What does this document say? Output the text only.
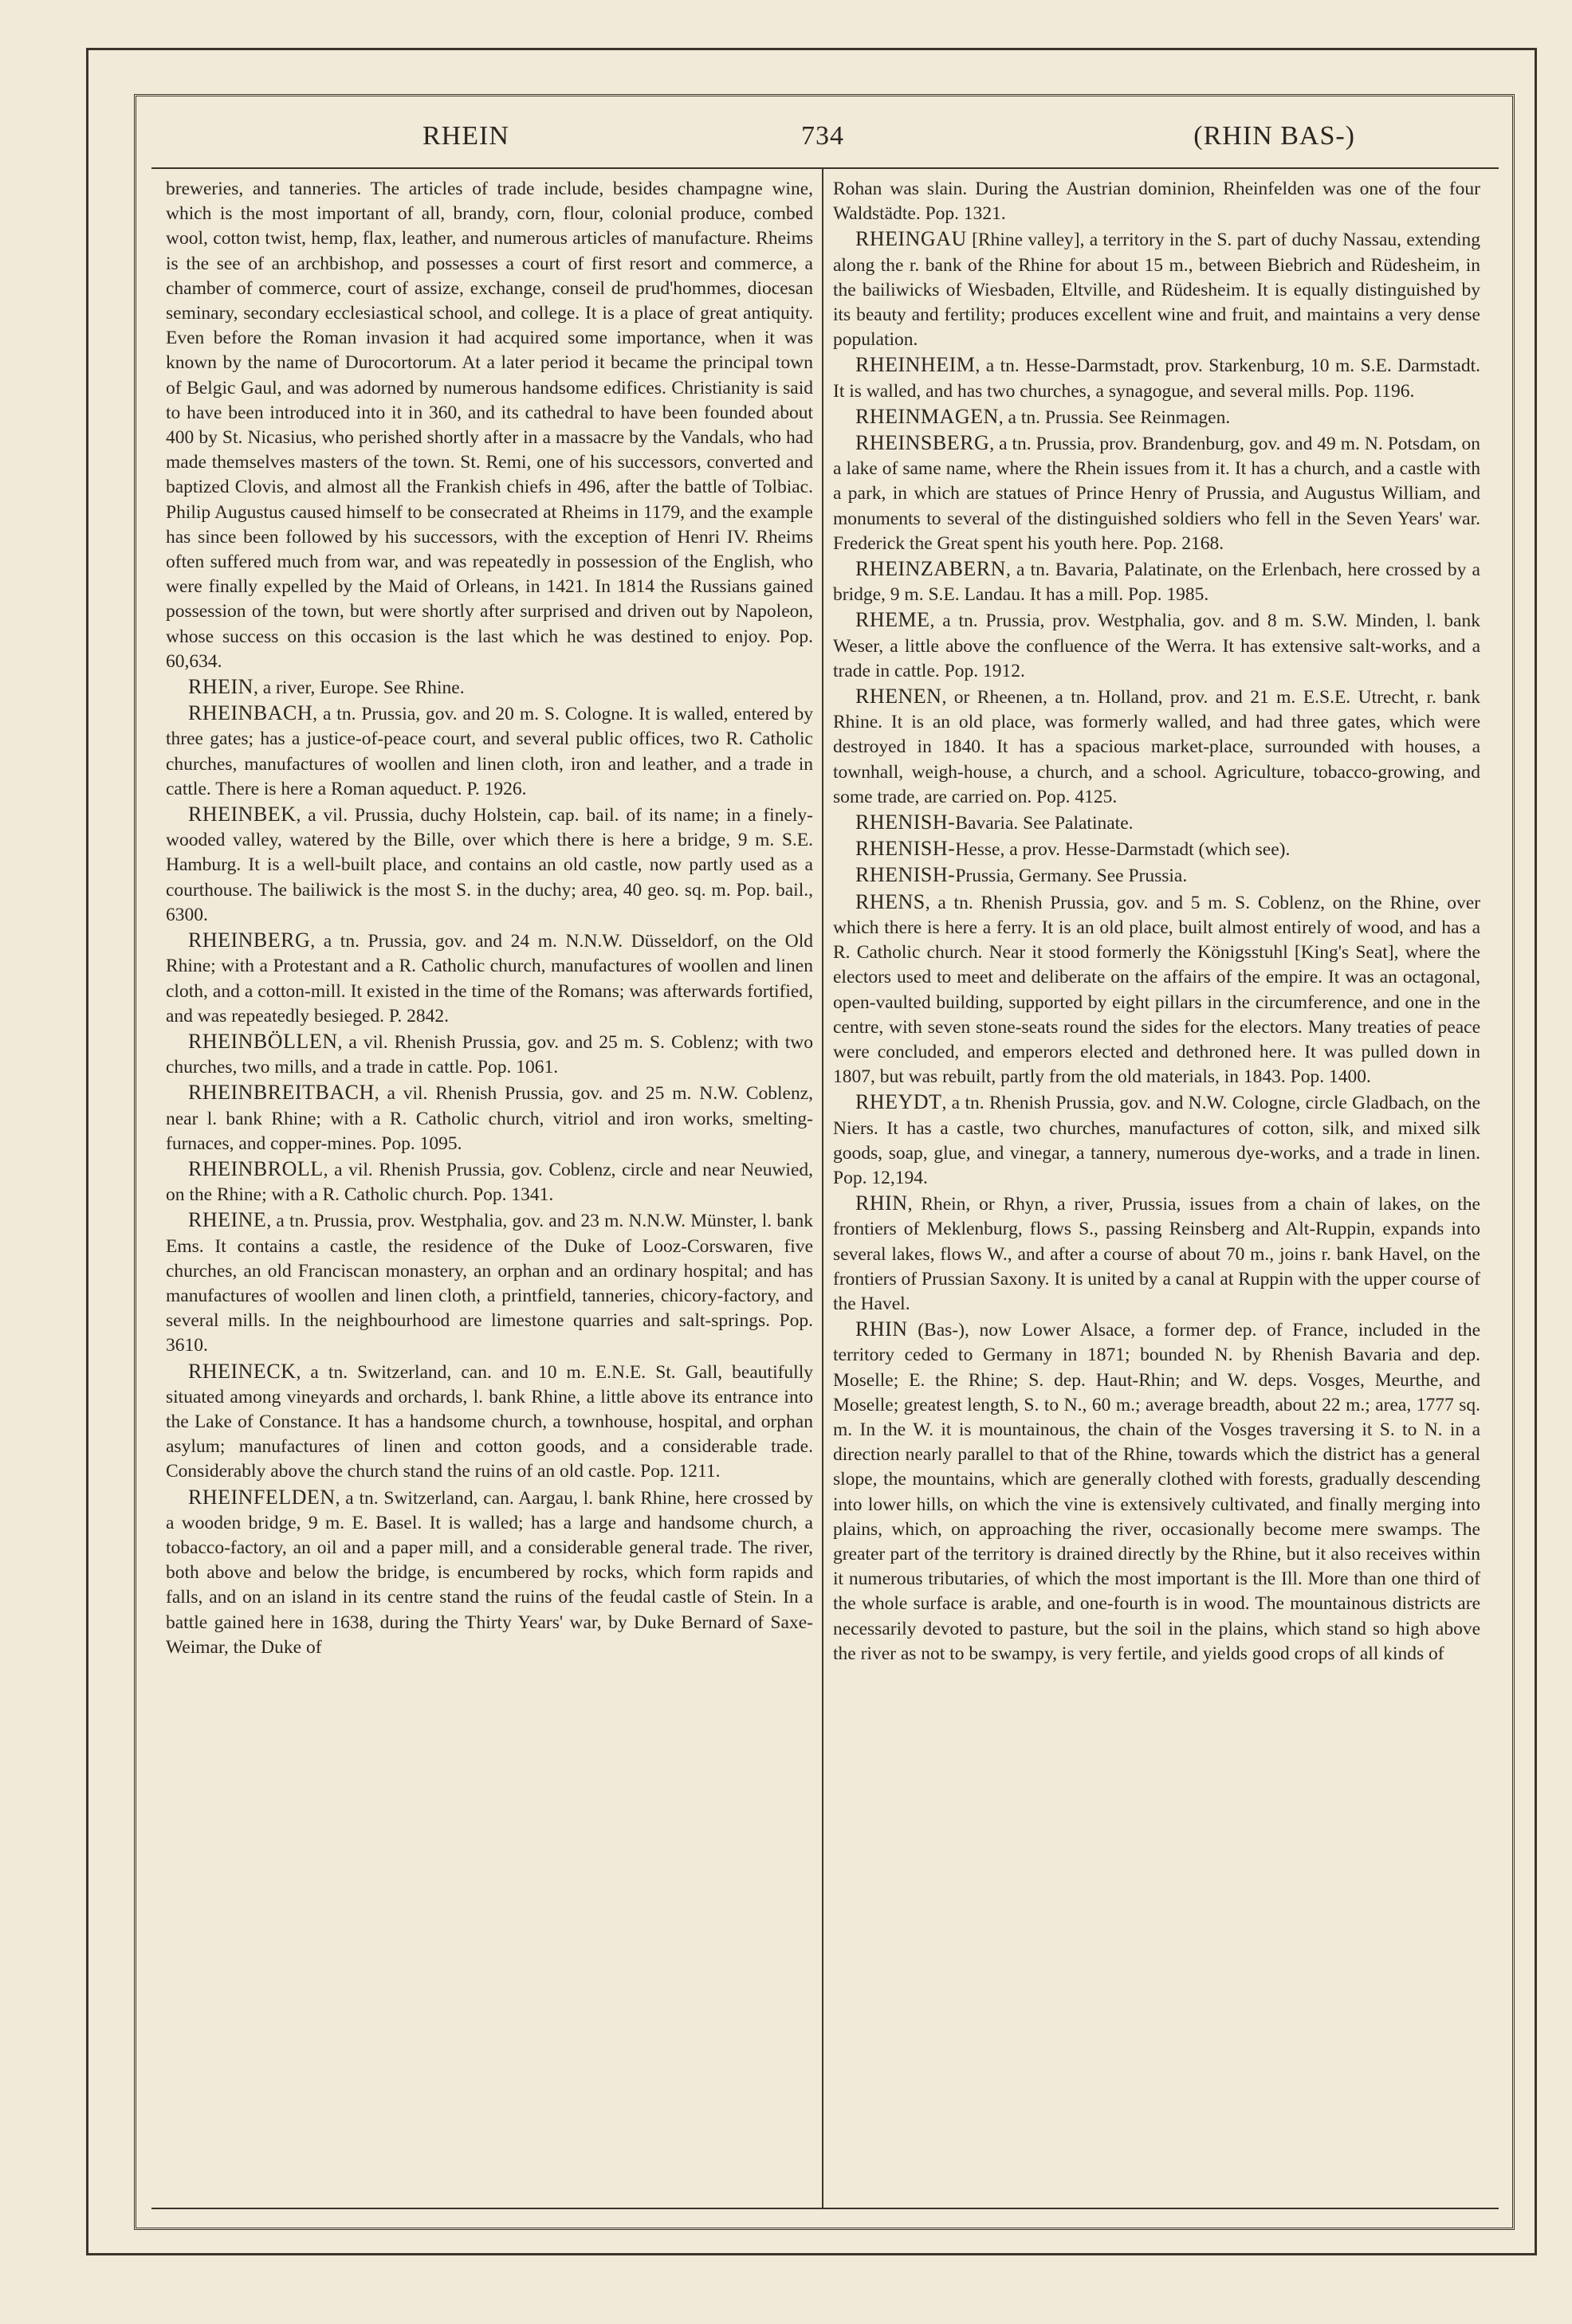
RHEIN	734	(RHIN BAS-)

breweries, and tanneries. The articles of trade include, besides champagne wine, which is the most important of all, brandy, corn, flour, colonial produce, combed wool, cotton twist, hemp, flax, leather, and numerous articles of manufacture. Rheims is the see of an archbishop, and possesses a court of first resort and commerce, a chamber of commerce, court of assize, exchange, conseil de prud'hommes, diocesan seminary, secondary ecclesiastical school, and college. It is a place of great antiquity. Even before the Roman invasion it had acquired some importance, when it was known by the name of Durocortorum. At a later period it became the principal town of Belgic Gaul, and was adorned by numerous handsome edifices. Christianity is said to have been introduced into it in 360, and its cathedral to have been founded about 400 by St. Nicasius, who perished shortly after in a massacre by the Vandals, who had made themselves masters of the town. St. Remi, one of his successors, converted and baptized Clovis, and almost all the Frankish chiefs in 496, after the battle of Tolbiac. Philip Augustus caused himself to be consecrated at Rheims in 1179, and the example has since been followed by his successors, with the exception of Henri IV. Rheims often suffered much from war, and was repeatedly in possession of the English, who were finally expelled by the Maid of Orleans, in 1421. In 1814 the Russians gained possession of the town, but were shortly after surprised and driven out by Napoleon, whose success on this occasion is the last which he was destined to enjoy. Pop. 60,634.

RHEIN, a river, Europe. See Rhine.

RHEINBACH, a tn. Prussia, gov. and 20 m. S. Cologne. It is walled, entered by three gates; has a justice-of-peace court, and several public offices, two R. Catholic churches, manufactures of woollen and linen cloth, iron and leather, and a trade in cattle. There is here a Roman aqueduct. P. 1926.

RHEINBEK, a vil. Prussia, duchy Holstein, cap. bail. of its name; in a finely-wooded valley, watered by the Bille, over which there is here a bridge, 9 m. S.E. Hamburg. It is a well-built place, and contains an old castle, now partly used as a courthouse. The bailiwick is the most S. in the duchy; area, 40 geo. sq. m. Pop. bail., 6300.

RHEINBERG, a tn. Prussia, gov. and 24 m. N.N.W. Düsseldorf, on the Old Rhine; with a Protestant and a R. Catholic church, manufactures of woollen and linen cloth, and a cotton-mill. It existed in the time of the Romans; was afterwards fortified, and was repeatedly besieged. P. 2842.

RHEINBÖLLEN, a vil. Rhenish Prussia, gov. and 25 m. S. Coblenz; with two churches, two mills, and a trade in cattle. Pop. 1061.

RHEINBREITBACH, a vil. Rhenish Prussia, gov. and 25 m. N.W. Coblenz, near l. bank Rhine; with a R. Catholic church, vitriol and iron works, smelting-furnaces, and copper-mines. Pop. 1095.

RHEINBROLL, a vil. Rhenish Prussia, gov. Coblenz, circle and near Neuwied, on the Rhine; with a R. Catholic church. Pop. 1341.

RHEINE, a tn. Prussia, prov. Westphalia, gov. and 23 m. N.N.W. Münster, l. bank Ems. It contains a castle, the residence of the Duke of Looz-Corswaren, five churches, an old Franciscan monastery, an orphan and an ordinary hospital; and has manufactures of woollen and linen cloth, a printfield, tanneries, chicory-factory, and several mills. In the neighbourhood are limestone quarries and salt-springs. Pop. 3610.

RHEINECK, a tn. Switzerland, can. and 10 m. E.N.E. St. Gall, beautifully situated among vineyards and orchards, l. bank Rhine, a little above its entrance into the Lake of Constance. It has a handsome church, a townhouse, hospital, and orphan asylum; manufactures of linen and cotton goods, and a considerable trade. Considerably above the church stand the ruins of an old castle. Pop. 1211.

RHEINFELDEN, a tn. Switzerland, can. Aargau, l. bank Rhine, here crossed by a wooden bridge, 9 m. E. Basel. It is walled; has a large and handsome church, a tobacco-factory, an oil and a paper mill, and a considerable general trade. The river, both above and below the bridge, is encumbered by rocks, which form rapids and falls, and on an island in its centre stand the ruins of the feudal castle of Stein. In a battle gained here in 1638, during the Thirty Years' war, by Duke Bernard of Saxe-Weimar, the Duke of

Rohan was slain. During the Austrian dominion, Rheinfelden was one of the four Waldstädte. Pop. 1321.

RHEINGAU [Rhine valley], a territory in the S. part of duchy Nassau, extending along the r. bank of the Rhine for about 15 m., between Biebrich and Rüdesheim, in the bailiwicks of Wiesbaden, Eltville, and Rüdesheim. It is equally distinguished by its beauty and fertility; produces excellent wine and fruit, and maintains a very dense population.

RHEINHEIM, a tn. Hesse-Darmstadt, prov. Starkenburg, 10 m. S.E. Darmstadt. It is walled, and has two churches, a synagogue, and several mills. Pop. 1196.

RHEINMAGEN, a tn. Prussia. See Reinmagen.

RHEINSBERG, a tn. Prussia, prov. Brandenburg, gov. and 49 m. N. Potsdam, on a lake of same name, where the Rhein issues from it. It has a church, and a castle with a park, in which are statues of Prince Henry of Prussia, and Augustus William, and monuments to several of the distinguished soldiers who fell in the Seven Years' war. Frederick the Great spent his youth here. Pop. 2168.

RHEINZABERN, a tn. Bavaria, Palatinate, on the Erlenbach, here crossed by a bridge, 9 m. S.E. Landau. It has a mill. Pop. 1985.

RHEME, a tn. Prussia, prov. Westphalia, gov. and 8 m. S.W. Minden, l. bank Weser, a little above the confluence of the Werra. It has extensive salt-works, and a trade in cattle. Pop. 1912.

RHENEN, or Rheenen, a tn. Holland, prov. and 21 m. E.S.E. Utrecht, r. bank Rhine. It is an old place, was formerly walled, and had three gates, which were destroyed in 1840. It has a spacious market-place, surrounded with houses, a townhall, weigh-house, a church, and a school. Agriculture, tobacco-growing, and some trade, are carried on. Pop. 4125.

RHENISH-Bavaria. See Palatinate.

RHENISH-Hesse, a prov. Hesse-Darmstadt (which see).

RHENISH-Prussia, Germany. See Prussia.

RHENS, a tn. Rhenish Prussia, gov. and 5 m. S. Coblenz, on the Rhine, over which there is here a ferry. It is an old place, built almost entirely of wood, and has a R. Catholic church. Near it stood formerly the Königsstuhl [King's Seat], where the electors used to meet and deliberate on the affairs of the empire. It was an octagonal, open-vaulted building, supported by eight pillars in the circumference, and one in the centre, with seven stone-seats round the sides for the electors. Many treaties of peace were concluded, and emperors elected and dethroned here. It was pulled down in 1807, but was rebuilt, partly from the old materials, in 1843. Pop. 1400.

RHEYDT, a tn. Rhenish Prussia, gov. and N.W. Cologne, circle Gladbach, on the Niers. It has a castle, two churches, manufactures of cotton, silk, and mixed silk goods, soap, glue, and vinegar, a tannery, numerous dye-works, and a trade in linen. Pop. 12,194.

RHIN, Rhein, or Rhyn, a river, Prussia, issues from a chain of lakes, on the frontiers of Meklenburg, flows S., passing Reinsberg and Alt-Ruppin, expands into several lakes, flows W., and after a course of about 70 m., joins r. bank Havel, on the frontiers of Prussian Saxony. It is united by a canal at Ruppin with the upper course of the Havel.

RHIN (Bas-), now Lower Alsace, a former dep. of France, included in the territory ceded to Germany in 1871; bounded N. by Rhenish Bavaria and dep. Moselle; E. the Rhine; S. dep. Haut-Rhin; and W. deps. Vosges, Meurthe, and Moselle; greatest length, S. to N., 60 m.; average breadth, about 22 m.; area, 1777 sq. m. In the W. it is mountainous, the chain of the Vosges traversing it S. to N. in a direction nearly parallel to that of the Rhine, towards which the district has a general slope, the mountains, which are generally clothed with forests, gradually descending into lower hills, on which the vine is extensively cultivated, and finally merging into plains, which, on approaching the river, occasionally become mere swamps. The greater part of the territory is drained directly by the Rhine, but it also receives within it numerous tributaries, of which the most important is the Ill. More than one third of the whole surface is arable, and one-fourth is in wood. The mountainous districts are necessarily devoted to pasture, but the soil in the plains, which stand so high above the river as not to be swampy, is very fertile, and yields good crops of all kinds of
